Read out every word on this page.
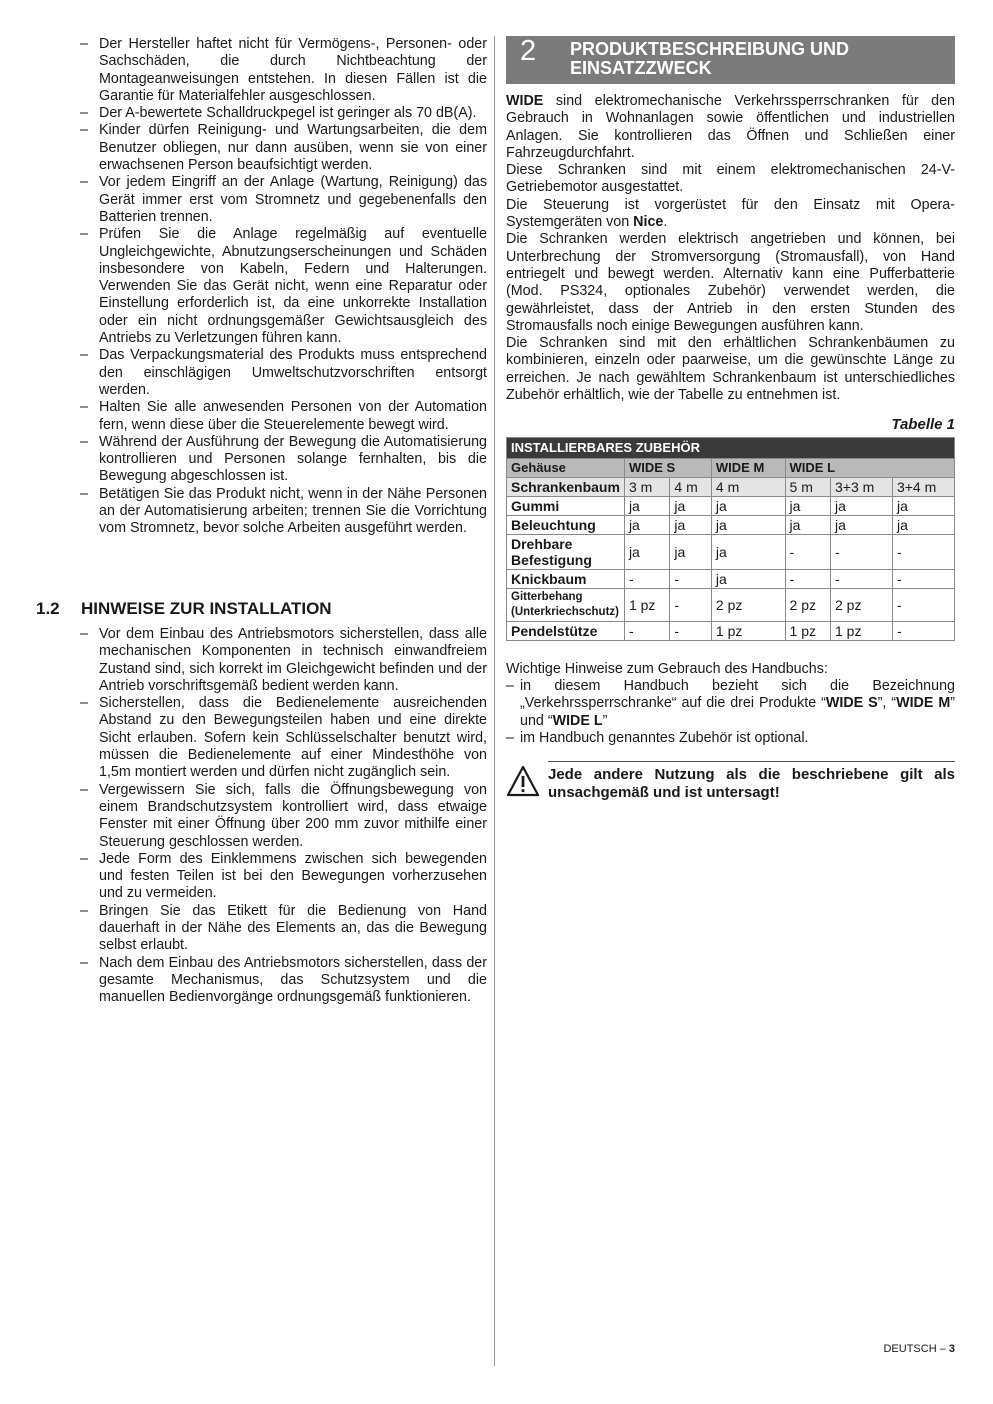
– Der Hersteller haftet nicht für Vermögens-, Personen- oder Sachschäden, die durch Nichtbeachtung der Montageanweisungen entstehen. In diesen Fällen ist die Garantie für Materialfehler ausgeschlossen.
– Der A-bewertete Schalldruckpegel ist geringer als 70 dB(A).
– Kinder dürfen Reinigung- und Wartungsarbeiten, die dem Benutzer obliegen, nur dann ausüben, wenn sie von einer erwachsenen Person beaufsichtigt werden.
– Vor jedem Eingriff an der Anlage (Wartung, Reinigung) das Gerät immer erst vom Stromnetz und gegebenenfalls den Batterien trennen.
– Prüfen Sie die Anlage regelmäßig auf eventuelle Ungleichgewichte, Abnutzungserscheinungen und Schäden insbesondere von Kabeln, Federn und Halterungen. Verwenden Sie das Gerät nicht, wenn eine Reparatur oder Einstellung erforderlich ist, da eine unkorrekte Installation oder ein nicht ordnungsgemäßer Gewichtsausgleich des Antriebs zu Verletzungen führen kann.
– Das Verpackungsmaterial des Produkts muss entsprechend den einschlägigen Umweltschutzvorschriften entsorgt werden.
– Halten Sie alle anwesenden Personen von der Automation fern, wenn diese über die Steuerelemente bewegt wird.
– Während der Ausführung der Bewegung die Automatisierung kontrollieren und Personen solange fernhalten, bis die Bewegung abgeschlossen ist.
– Betätigen Sie das Produkt nicht, wenn in der Nähe Personen an der Automatisierung arbeiten; trennen Sie die Vorrichtung vom Stromnetz, bevor solche Arbeiten ausgeführt werden.
1.2 HINWEISE ZUR INSTALLATION
– Vor dem Einbau des Antriebsmotors sicherstellen, dass alle mechanischen Komponenten in technisch einwandfreiem Zustand sind, sich korrekt im Gleichgewicht befinden und der Antrieb vorschriftsgemäß bedient werden kann.
– Sicherstellen, dass die Bedienelemente ausreichenden Abstand zu den Bewegungsteilen haben und eine direkte Sicht erlauben. Sofern kein Schlüsselschalter benutzt wird, müssen die Bedienelemente auf einer Mindesthöhe von 1,5m montiert werden und dürfen nicht zugänglich sein.
– Vergewissern Sie sich, falls die Öffnungsbewegung von einem Brandschutzsystem kontrolliert wird, dass etwaige Fenster mit einer Öffnung über 200 mm zuvor mithilfe einer Steuerung geschlossen werden.
– Jede Form des Einklemmens zwischen sich bewegenden und festen Teilen ist bei den Bewegungen vorherzusehen und zu vermeiden.
– Bringen Sie das Etikett für die Bedienung von Hand dauerhaft in der Nähe des Elements an, das die Bewegung selbst erlaubt.
– Nach dem Einbau des Antriebsmotors sicherstellen, dass der gesamte Mechanismus, das Schutzsystem und die manuellen Bedienvorgänge ordnungsgemäß funktionieren.
2 PRODUKTBESCHREIBUNG UND
EINSATZZWECK

WIDE sind elektromechanische Verkehrssperrschranken für den Gebrauch in Wohnanlagen sowie öffentlichen und industriellen Anlagen. Sie kontrollieren das Öffnen und Schließen einer Fahrzeugdurchfahrt.

Diese Schranken sind mit einem elektromechanischen 24-V-Getriebemotor ausgestattet.

Die Steuerung ist vorgerüstet für den Einsatz mit Opera-Systemgeräten von Nice.

Die Schranken werden elektrisch angetrieben und können, bei Unterbrechung der Stromversorgung (Stromausfall), von Hand entriegelt und bewegt werden. Alternativ kann eine Pufferbatterie (Mod. PS324, optionales Zubehör) verwendet werden, die gewährleistet, dass der Antrieb in den ersten Stunden des Stromausfalls noch einige Bewegungen ausführen kann.

Die Schranken sind mit den erhältlichen Schrankenbäumen zu kombinieren, einzeln oder paarweise, um die gewünschte Länge zu erreichen. Je nach gewähltem Schrankenbaum ist unterschiedliches Zubehör erhältlich, wie der Tabelle zu entnehmen ist.

Tabelle 1
INSTALLIERBARES ZUBEHÖR						
Gehäuse	WIDE S		WIDE M	WIDE L		
Schrankenbaum	3 m	4 m	4 m	5 m	3+3 m	3+4 m
Gummi	ja	ja	ja	ja	ja	ja
Beleuchtung	ja	ja	ja	ja	ja	ja
Drehbare Befestigung	ja	ja	ja	-	-	-
Knickbaum	-	-	ja	-	-	-
Gitterbehang (Unterkriechschutz)	1 pz	-	2 pz	2 pz	2 pz	-
Pendelstütze	-	-	1 pz	1 pz	1 pz	-

Wichtige Hinweise zum Gebrauch des Handbuchs:

– in diesem Handbuch bezieht sich die Bezeichnung „Verkehrssperrschranke“ auf die drei Produkte “WIDE S”, “WIDE M” und “WIDE L”
– im Handbuch genanntes Zubehör ist optional.
Jede andere Nutzung als die beschriebene gilt als unsachgemäß und ist untersagt!
DEUTSCH – 3
